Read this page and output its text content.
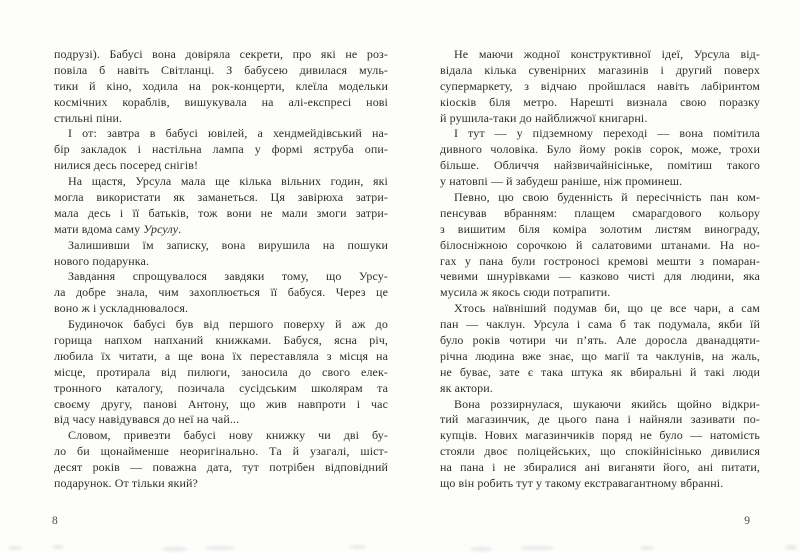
подрузі). Бабусі вона довіряла секрети, про які не роз-
повіла б навіть Світланці. З бабусею дивилася муль-
тики й кіно, ходила на рок-концерти, клеїла модельки
космічних кораблів, вишукувала на алі-експресі нові
стильні піни.
І от: завтра в бабусі ювілей, а хендмейдівський на-
бір закладок і настільна лампа у формі яструба опи-
нилися десь посеред снігів!
На щастя, Урсула мала ще кілька вільних годин, які
могла використати як заманеться. Ця завірюха затри-
мала десь і її батьків, тож вони не мали змоги затри-
мати вдома саму Урсулу.
Залишивши їм записку, вона вирушила на пошуки
нового подарунка.
Завдання спрощувалося завдяки тому, що Урсу-
ла добре знала, чим захоплюється її бабуся. Через це
воно ж і ускладнювалося.
Будиночок бабусі був від першого поверху й аж до
горища напхом напханий книжками. Бабуся, ясна річ,
любила їх читати, а ще вона їх переставляла з місця на
місце, протирала від пилюги, заносила до свого елек-
тронного каталогу, позичала сусідським школярам та
своєму другу, панові Антону, що жив навпроти і час
від часу навідувався до неї на чай...
Словом, привезти бабусі нову книжку чи дві бу-
ло би щонайменше неоригінально. Та й узагалі, шіст-
десят років — поважна дата, тут потрібен відповідний
подарунок. От тільки який?
8
Не маючи жодної конструктивної ідеї, Урсула від-
відала кілька сувенірних магазинів і другий поверх
супермаркету, з відчаю пройшлася навіть лабіринтом
кіосків біля метро. Нарешті визнала свою поразку
й рушила-таки до найближчої книгарні.
І тут — у підземному переході — вона помітила
дивного чоловіка. Було йому років сорок, може, трохи
більше. Обличчя найзвичайнісіньке, помітиш такого
у натовпі — й забудеш раніше, ніж проминеш.
Певно, цю свою буденність й пересічність пан ком-
пенсував вбранням: плащем смарагдового кольору
з вишитим біля коміра золотим листям винограду,
білосніжною сорочкою й салатовими штанами. На но-
гах у пана були гостроносі кремові мешти з помаран-
чевими шнурівками — казково чисті для людини, яка
мусила ж якось сюди потрапити.
Хтось наївніший подумав би, що це все чари, а сам
пан — чаклун. Урсула і сама б так подумала, якби їй
було років чотири чи п’ять. Але доросла дванадцяти-
річна людина вже знає, що магії та чаклунів, на жаль,
не буває, зате є така штука як вбиральні й такі люди
як актори.
Вона роззирнулася, шукаючи якийсь щойно відкри-
тий магазинчик, де цього пана і найняли зазивати по-
купців. Нових магазинчиків поряд не було — натомість
стояли двоє поліцейських, що спокійнісінько дивилися
на пана і не збиралися ані виганяти його, ані питати,
що він робить тут у такому екстравагантному вбранні.
9
